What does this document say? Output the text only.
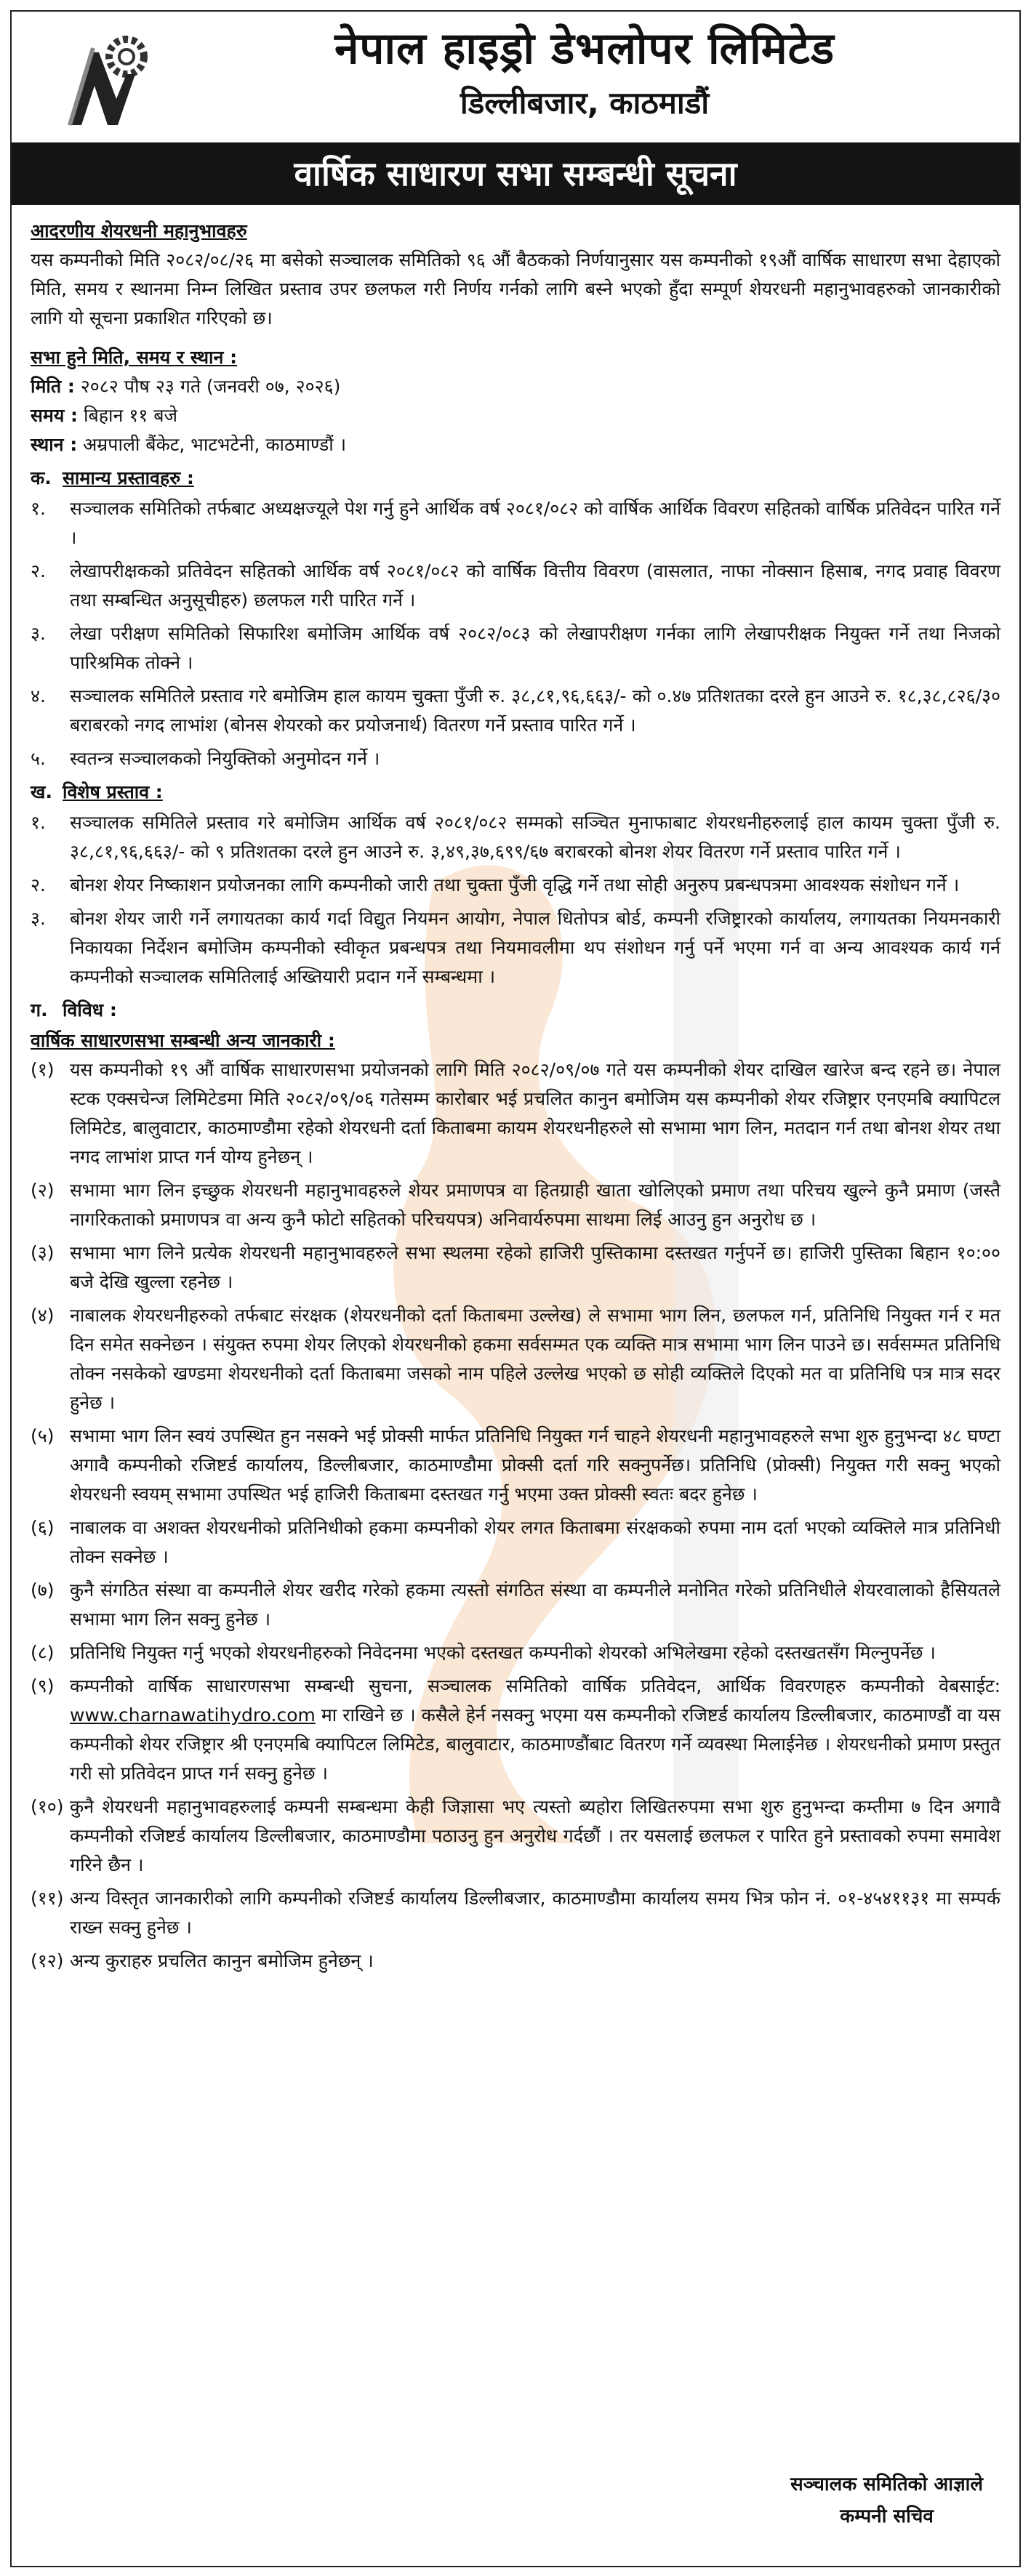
नेपाल हाइड्रो डेभलोपर लिमिटेड
डिल्लीबजार, काठमाडौं
वार्षिक साधारण सभा सम्बन्धी सूचना
आदरणीय शेयरधनी महानुभावहरु

यस कम्पनीको मिति २०८२/०८/२६ मा बसेको सञ्चालक समितिको ९६ औं बैठकको निर्णयानुसार यस कम्पनीको १९औं वार्षिक साधारण सभा देहाएको मिति, समय र स्थानमा निम्न लिखित प्रस्ताव उपर छलफल गरी निर्णय गर्नको लागि बस्ने भएको हुँदा सम्पूर्ण शेयरधनी महानुभावहरुको जानकारीको लागि यो सूचना प्रकाशित गरिएको छ।

सभा हुने मिति, समय र स्थान :
मिति : २०८२ पौष २३ गते (जनवरी ०७, २०२६)
समय : बिहान ११ बजे
स्थान : अम्रपाली बैंकेट, भाटभटेनी, काठमाण्डौं ।
क. सामान्य प्रस्तावहरु :
१.	सञ्चालक समितिको तर्फबाट अध्यक्षज्यूले पेश गर्नु हुने आर्थिक वर्ष २०८१/०८२ को वार्षिक आर्थिक विवरण सहितको वार्षिक प्रतिवेदन पारित गर्ने ।
२.	लेखापरीक्षकको प्रतिवेदन सहितको आर्थिक वर्ष २०८१/०८२ को वार्षिक वित्तीय विवरण (वासलात, नाफा नोक्सान हिसाब, नगद प्रवाह विवरण तथा सम्बन्धित अनुसूचीहरु) छलफल गरी पारित गर्ने ।
३.	लेखा परीक्षण समितिको सिफारिश बमोजिम आर्थिक वर्ष २०८२/०८३ को लेखापरीक्षण गर्नका लागि लेखापरीक्षक नियुक्त गर्ने तथा निजको पारिश्रमिक तोक्ने ।
४.	सञ्चालक समितिले प्रस्ताव गरे बमोजिम हाल कायम चुक्ता पुँजी रु. ३८,८१,९६,६६३/- को ०.४७ प्रतिशतका दरले हुन आउने रु. १८,३८,८२६/३० बराबरको नगद लाभांश (बोनस शेयरको कर प्रयोजनार्थ) वितरण गर्ने प्रस्ताव पारित गर्ने ।
५.	स्वतन्त्र सञ्चालकको नियुक्तिको अनुमोदन गर्ने ।
ख. विशेष प्रस्ताव :
१.	सञ्चालक समितिले प्रस्ताव गरे बमोजिम आर्थिक वर्ष २०८१/०८२ सम्मको सञ्चित मुनाफाबाट शेयरधनीहरुलाई हाल कायम चुक्ता पुँजी रु. ३८,८१,९६,६६३/- को ९ प्रतिशतका दरले हुन आउने रु. ३,४९,३७,६९९/६७ बराबरको बोनश शेयर वितरण गर्ने प्रस्ताव पारित गर्ने ।
२.	बोनश शेयर निष्काशन प्रयोजनका लागि कम्पनीको जारी तथा चुक्ता पुँजी वृद्धि गर्ने तथा सोही अनुरुप प्रबन्धपत्रमा आवश्यक संशोधन गर्ने ।
३.	बोनश शेयर जारी गर्ने लगायतका कार्य गर्दा विद्युत नियमन आयोग, नेपाल धितोपत्र बोर्ड, कम्पनी रजिष्ट्रारको कार्यालय, लगायतका नियमनकारी निकायका निर्देशन बमोजिम कम्पनीको स्वीकृत प्रबन्धपत्र तथा नियमावलीमा थप संशोधन गर्नु पर्ने भएमा गर्न वा अन्य आवश्यक कार्य गर्न कम्पनीको सञ्चालक समितिलाई अख्तियारी प्रदान गर्ने सम्बन्धमा ।
ग. विविध :
वार्षिक साधारणसभा सम्बन्धी अन्य जानकारी :
(१) यस कम्पनीको १९ औं वार्षिक साधारणसभा प्रयोजनको लागि मिति २०८२/०९/०७ गते यस कम्पनीको शेयर दाखिल खारेज बन्द रहने छ। नेपाल स्टक एक्सचेन्ज लिमिटेडमा मिति २०८२/०९/०६ गतेसम्म कारोबार भई प्रचलित कानुन बमोजिम यस कम्पनीको शेयर रजिष्ट्रार एनएमबि क्यापिटल लिमिटेड, बालुवाटार, काठमाण्डौमा रहेको शेयरधनी दर्ता किताबमा कायम शेयरधनीहरुले सो सभामा भाग लिन, मतदान गर्न तथा बोनश शेयर तथा नगद लाभांश प्राप्त गर्न योग्य हुनेछन् ।
(२) सभामा भाग लिन इच्छुक शेयरधनी महानुभावहरुले शेयर प्रमाणपत्र वा हितग्राही खाता खोलिएको प्रमाण तथा परिचय खुल्ने कुनै प्रमाण (जस्तै नागरिकताको प्रमाणपत्र वा अन्य कुनै फोटो सहितको परिचयपत्र) अनिवार्यरुपमा साथमा लिई आउनु हुन अनुरोध छ ।
(३) सभामा भाग लिने प्रत्येक शेयरधनी महानुभावहरुले सभा स्थलमा रहेको हाजिरी पुस्तिकामा दस्तखत गर्नुपर्ने छ। हाजिरी पुस्तिका बिहान १०:०० बजे देखि खुल्ला रहनेछ ।
(४) नाबालक शेयरधनीहरुको तर्फबाट संरक्षक (शेयरधनीको दर्ता किताबमा उल्लेख) ले सभामा भाग लिन, छलफल गर्न, प्रतिनिधि नियुक्त गर्न र मत दिन समेत सक्नेछन । संयुक्त रुपमा शेयर लिएको शेयरधनीको हकमा सर्वसम्मत एक व्यक्ति मात्र सभामा भाग लिन पाउने छ। सर्वसम्मत प्रतिनिधि तोक्न नसकेको खण्डमा शेयरधनीको दर्ता किताबमा जसको नाम पहिले उल्लेख भएको छ सोही व्यक्तिले दिएको मत वा प्रतिनिधि पत्र मात्र सदर हुनेछ ।
(५) सभामा भाग लिन स्वयं उपस्थित हुन नसक्ने भई प्रोक्सी मार्फत प्रतिनिधि नियुक्त गर्न चाहने शेयरधनी महानुभावहरुले सभा शुरु हुनुभन्दा ४८ घण्टा अगावै कम्पनीको रजिष्टर्ड कार्यालय, डिल्लीबजार, काठमाण्डौमा प्रोक्सी दर्ता गरि सक्नुपर्नेछ। प्रतिनिधि (प्रोक्सी) नियुक्त गरी सक्नु भएको शेयरधनी स्वयम् सभामा उपस्थित भई हाजिरी किताबमा दस्तखत गर्नु भएमा उक्त प्रोक्सी स्वतः बदर हुनेछ ।
(६) नाबालक वा अशक्त शेयरधनीको प्रतिनिधीको हकमा कम्पनीको शेयर लगत किताबमा संरक्षकको रुपमा नाम दर्ता भएको व्यक्तिले मात्र प्रतिनिधी तोक्न सक्नेछ ।
(७) कुनै संगठित संस्था वा कम्पनीले शेयर खरीद गरेको हकमा त्यस्तो संगठित संस्था वा कम्पनीले मनोनित गरेको प्रतिनिधीले शेयरवालाको हैसियतले सभामा भाग लिन सक्नु हुनेछ ।
(८) प्रतिनिधि नियुक्त गर्नु भएको शेयरधनीहरुको निवेदनमा भएको दस्तखत कम्पनीको शेयरको अभिलेखमा रहेको दस्तखतसँग मिल्नुपर्नेछ ।
(९) कम्पनीको वार्षिक साधारणसभा सम्बन्धी सुचना, सञ्चालक समितिको वार्षिक प्रतिवेदन, आर्थिक विवरणहरु कम्पनीको वेबसाईट: www.charnawatihydro.com मा राखिने छ । कसैले हेर्न नसक्नु भएमा यस कम्पनीको रजिष्टर्ड कार्यालय डिल्लीबजार, काठमाण्डौं वा यस कम्पनीको शेयर रजिष्ट्रार श्री एनएमबि क्यापिटल लिमिटेड, बालुवाटार, काठमाण्डौंबाट वितरण गर्ने व्यवस्था मिलाईनेछ । शेयरधनीको प्रमाण प्रस्तुत गरी सो प्रतिवेदन प्राप्त गर्न सक्नु हुनेछ ।
(१०) कुनै शेयरधनी महानुभावहरुलाई कम्पनी सम्बन्धमा केही जिज्ञासा भए त्यस्तो ब्यहोरा लिखितरुपमा सभा शुरु हुनुभन्दा कम्तीमा ७ दिन अगावै कम्पनीको रजिष्टर्ड कार्यालय डिल्लीबजार, काठमाण्डौमा पठाउनु हुन अनुरोध गर्दछौं । तर यसलाई छलफल र पारित हुने प्रस्तावको रुपमा समावेश गरिने छैन ।
(११) अन्य विस्तृत जानकारीको लागि कम्पनीको रजिष्टर्ड कार्यालय डिल्लीबजार, काठमाण्डौमा कार्यालय समय भित्र फोन नं. ०१-४५४११३१ मा सम्पर्क राख्न सक्नु हुनेछ ।
(१२) अन्य कुराहरु प्रचलित कानुन बमोजिम हुनेछन् ।
सञ्चालक समितिको आज्ञाले
कम्पनी सचिव
